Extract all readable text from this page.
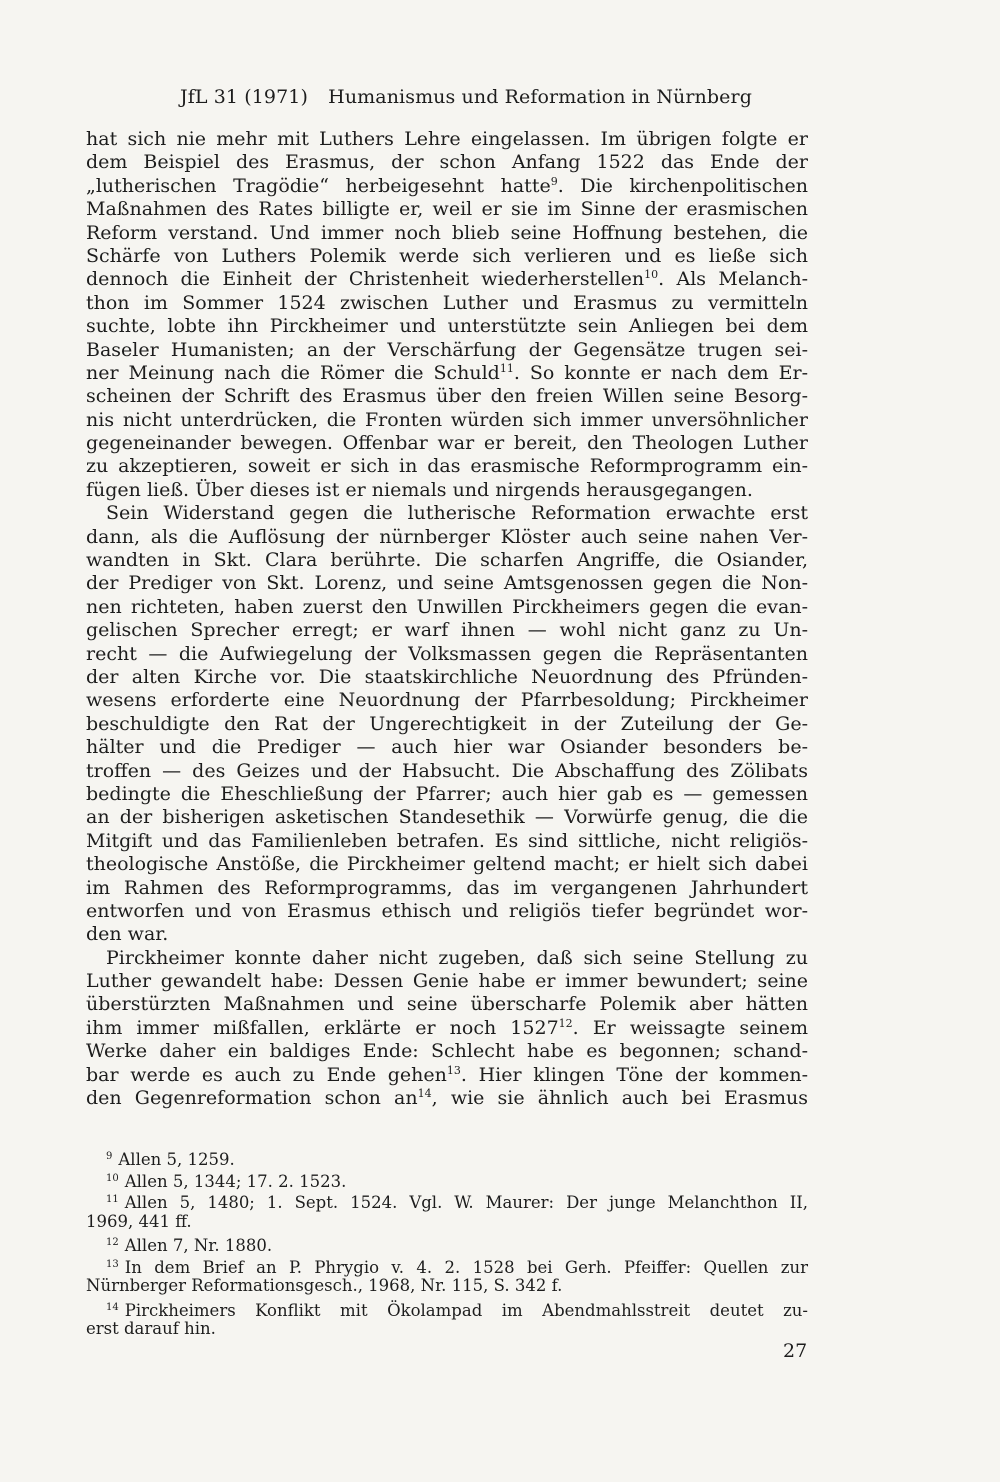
JfL 31 (1971) Humanismus und Reformation in Nürnberg
hat sich nie mehr mit Luthers Lehre eingelassen. Im übrigen folgte er
dem Beispiel des Erasmus, der schon Anfang 1522 das Ende der
„lutherischen Tragödie“ herbeigesehnt hatte$^9$. Die kirchenpolitischen
Maßnahmen des Rates billigte er, weil er sie im Sinne der erasmischen
Reform verstand. Und immer noch blieb seine Hoffnung bestehen, die
Schärfe von Luthers Polemik werde sich verlieren und es ließe sich
dennoch die Einheit der Christenheit wiederherstellen$^{10}$. Als Melanch-
thon im Sommer 1524 zwischen Luther und Erasmus zu vermitteln
suchte, lobte ihn Pirckheimer und unterstützte sein Anliegen bei dem
Baseler Humanisten; an der Verschärfung der Gegensätze trugen sei-
ner Meinung nach die Römer die Schuld$^{11}$. So konnte er nach dem Er-
scheinen der Schrift des Erasmus über den freien Willen seine Besorg-
nis nicht unterdrücken, die Fronten würden sich immer unversöhnlicher
gegeneinander bewegen. Offenbar war er bereit, den Theologen Luther
zu akzeptieren, soweit er sich in das erasmische Reformprogramm ein-
fügen ließ. Über dieses ist er niemals und nirgends herausgegangen.
Sein Widerstand gegen die lutherische Reformation erwachte erst
dann, als die Auflösung der nürnberger Klöster auch seine nahen Ver-
wandten in Skt. Clara berührte. Die scharfen Angriffe, die Osiander,
der Prediger von Skt. Lorenz, und seine Amtsgenossen gegen die Non-
nen richteten, haben zuerst den Unwillen Pirckheimers gegen die evan-
gelischen Sprecher erregt; er warf ihnen — wohl nicht ganz zu Un-
recht — die Aufwiegelung der Volksmassen gegen die Repräsentanten
der alten Kirche vor. Die staatskirchliche Neuordnung des Pfründen-
wesens erforderte eine Neuordnung der Pfarrbesoldung; Pirckheimer
beschuldigte den Rat der Ungerechtigkeit in der Zuteilung der Ge-
hälter und die Prediger — auch hier war Osiander besonders be-
troffen — des Geizes und der Habsucht. Die Abschaffung des Zölibats
bedingte die Eheschließung der Pfarrer; auch hier gab es — gemessen
an der bisherigen asketischen Standesethik — Vorwürfe genug, die die
Mitgift und das Familienleben betrafen. Es sind sittliche, nicht religiös-
theologische Anstöße, die Pirckheimer geltend macht; er hielt sich dabei
im Rahmen des Reformprogramms, das im vergangenen Jahrhundert
entworfen und von Erasmus ethisch und religiös tiefer begründet wor-
den war.
Pirckheimer konnte daher nicht zugeben, daß sich seine Stellung zu
Luther gewandelt habe: Dessen Genie habe er immer bewundert; seine
überstürzten Maßnahmen und seine überscharfe Polemik aber hätten
ihm immer mißfallen, erklärte er noch 1527$^{12}$. Er weissagte seinem
Werke daher ein baldiges Ende: Schlecht habe es begonnen; schand-
bar werde es auch zu Ende gehen$^{13}$. Hier klingen Töne der kommen-
den Gegenreformation schon $an^{14}$, wie sie ähnlich auch bei Erasmus
$^9$ Allen 5, 1259.
$^{10}$ Allen 5, 1344; 17. 2. 1523.
$^{11}$ Allen 5, 1480; 1. Sept. 1524. Vgl. W. Maurer: Der junge Melanchthon II,
1969, 441 ff.
$^{12}$ Allen 7, Nr. 1880.
$^{13}$ In dem Brief an P. Phrygio v. 4. 2. 1528 bei Gerh. Pfeiffer: Quellen zur
Nürnberger Reformationsgesch., 1968, Nr. 115, S. 342 f.
$^{14}$ Pirckheimers Konflikt mit Ökolampad im Abendmahlsstreit deutet zu-
erst darauf hin.
27
